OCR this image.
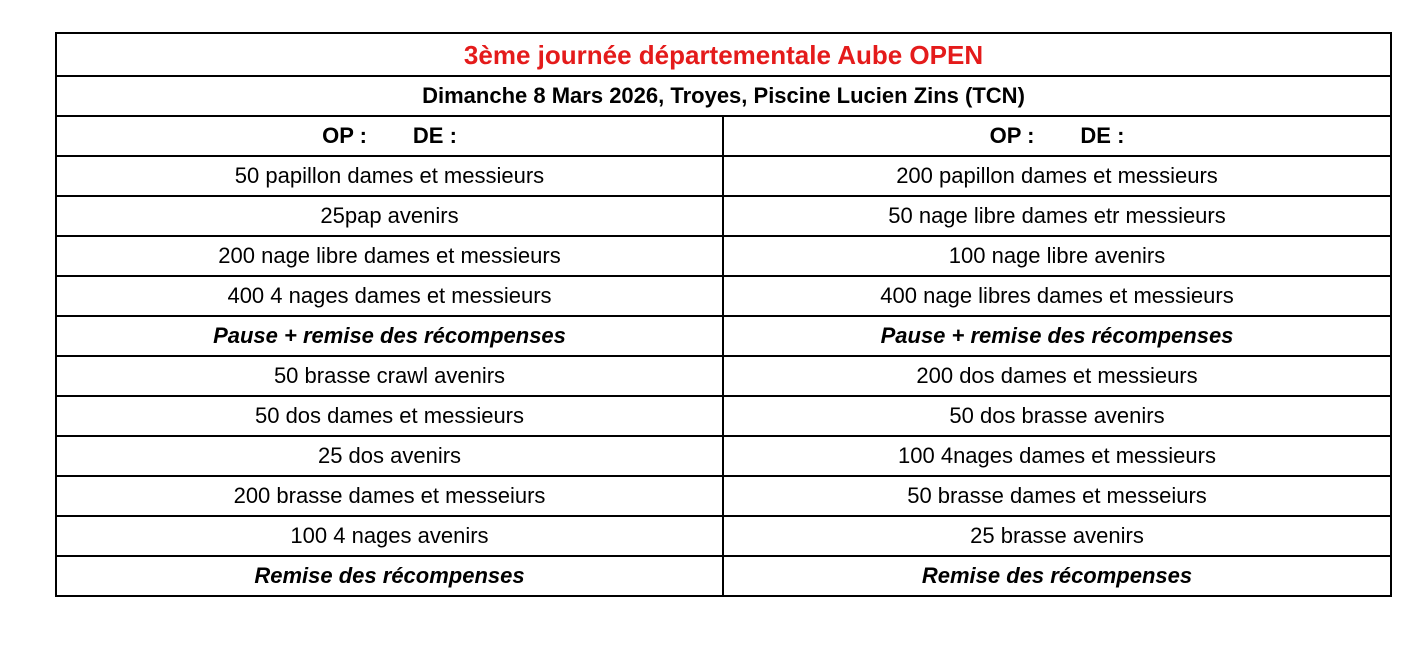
3ème journée départementale Aube OPEN	
Dimanche 8 Mars 2026, Troyes, Piscine Lucien Zins (TCN)	
OP : DE :	OP : DE :
50 papillon dames et messieurs	200 papillon dames et messieurs
25pap avenirs	50 nage libre dames etr messieurs
200 nage libre dames et messieurs	100 nage libre avenirs
400 4 nages dames et messieurs	400 nage libres dames et messieurs
Pause + remise des récompenses	Pause + remise des récompenses
50 brasse crawl avenirs	200 dos dames et messieurs
50 dos dames et messieurs	50 dos brasse avenirs
25 dos avenirs	100 4nages dames et messieurs
200 brasse dames et messeiurs	50 brasse dames et messeiurs
100 4 nages avenirs	25 brasse avenirs
Remise des récompenses	Remise des récompenses
